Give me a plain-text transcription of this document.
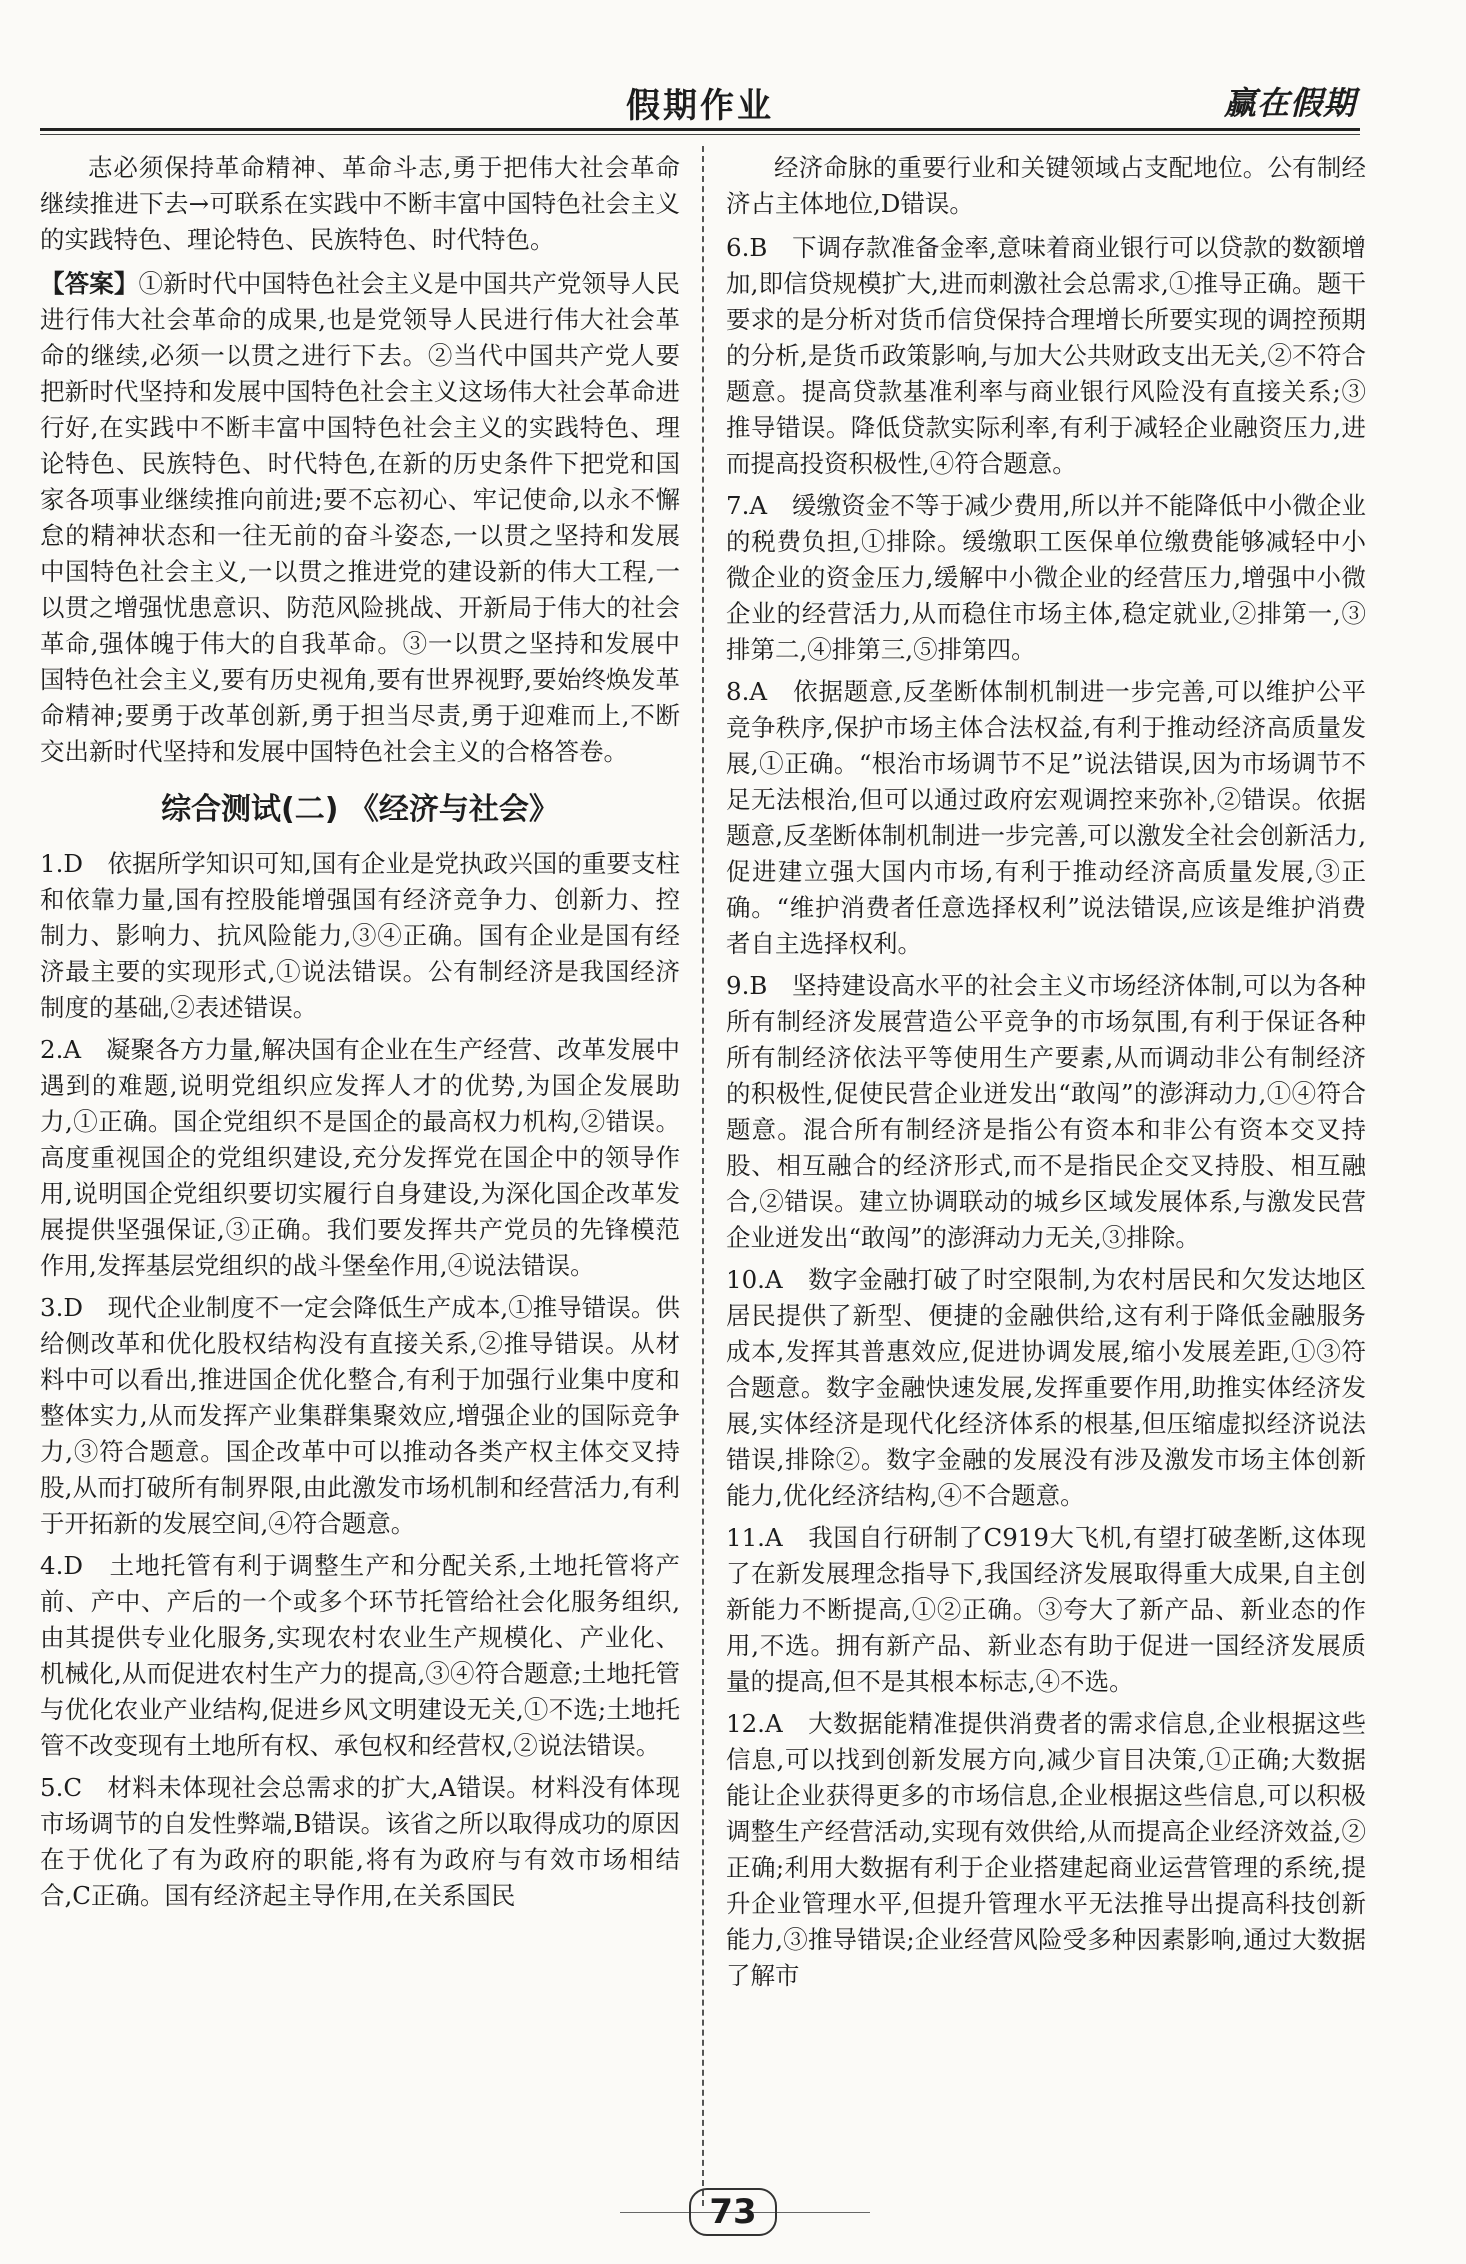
假期作业	赢在假期

志必须保持革命精神、革命斗志,勇于把伟大社会革命继续推进下去→可联系在实践中不断丰富中国特色社会主义的实践特色、理论特色、民族特色、时代特色。

【答案】①新时代中国特色社会主义是中国共产党领导人民进行伟大社会革命的成果,也是党领导人民进行伟大社会革命的继续,必须一以贯之进行下去。②当代中国共产党人要把新时代坚持和发展中国特色社会主义这场伟大社会革命进行好,在实践中不断丰富中国特色社会主义的实践特色、理论特色、民族特色、时代特色,在新的历史条件下把党和国家各项事业继续推向前进;要不忘初心、牢记使命,以永不懈怠的精神状态和一往无前的奋斗姿态,一以贯之坚持和发展中国特色社会主义,一以贯之推进党的建设新的伟大工程,一以贯之增强忧患意识、防范风险挑战、开新局于伟大的社会革命,强体魄于伟大的自我革命。③一以贯之坚持和发展中国特色社会主义,要有历史视角,要有世界视野,要始终焕发革命精神;要勇于改革创新,勇于担当尽责,勇于迎难而上,不断交出新时代坚持和发展中国特色社会主义的合格答卷。

综合测试(二) 《经济与社会》

1.D　 依据所学知识可知,国有企业是党执政兴国的重要支柱和依靠力量,国有控股能增强国有经济竞争力、创新力、控制力、影响力、抗风险能力,③④正确。国有企业是国有经济最主要的实现形式,①说法错误。公有制经济是我国经济制度的基础,②表述错误。

2.A　 凝聚各方力量,解决国有企业在生产经营、改革发展中遇到的难题,说明党组织应发挥人才的优势,为国企发展助力,①正确。国企党组织不是国企的最高权力机构,②错误。高度重视国企的党组织建设,充分发挥党在国企中的领导作用,说明国企党组织要切实履行自身建设,为深化国企改革发展提供坚强保证,③正确。我们要发挥共产党员的先锋模范作用,发挥基层党组织的战斗堡垒作用,④说法错误。

3.D　 现代企业制度不一定会降低生产成本,①推导错误。供给侧改革和优化股权结构没有直接关系,②推导错误。从材料中可以看出,推进国企优化整合,有利于加强行业集中度和整体实力,从而发挥产业集群集聚效应,增强企业的国际竞争力,③符合题意。国企改革中可以推动各类产权主体交叉持股,从而打破所有制界限,由此激发市场机制和经营活力,有利于开拓新的发展空间,④符合题意。

4.D　 土地托管有利于调整生产和分配关系,土地托管将产前、产中、产后的一个或多个环节托管给社会化服务组织,由其提供专业化服务,实现农村农业生产规模化、产业化、机械化,从而促进农村生产力的提高,③④符合题意;土地托管与优化农业产业结构,促进乡风文明建设无关,①不选;土地托管不改变现有土地所有权、承包权和经营权,②说法错误。

5.C　 材料未体现社会总需求的扩大,A错误。材料没有体现市场调节的自发性弊端,B错误。该省之所以取得成功的原因在于优化了有为政府的职能,将有为政府与有效市场相结合,C正确。国有经济起主导作用,在关系国民

经济命脉的重要行业和关键领域占支配地位。公有制经济占主体地位,D错误。

6.B　 下调存款准备金率,意味着商业银行可以贷款的数额增加,即信贷规模扩大,进而刺激社会总需求,①推导正确。题干要求的是分析对货币信贷保持合理增长所要实现的调控预期的分析,是货币政策影响,与加大公共财政支出无关,②不符合题意。提高贷款基准利率与商业银行风险没有直接关系;③推导错误。降低贷款实际利率,有利于减轻企业融资压力,进而提高投资积极性,④符合题意。

7.A　 缓缴资金不等于减少费用,所以并不能降低中小微企业的税费负担,①排除。缓缴职工医保单位缴费能够减轻中小微企业的资金压力,缓解中小微企业的经营压力,增强中小微企业的经营活力,从而稳住市场主体,稳定就业,②排第一,③排第二,④排第三,⑤排第四。

8.A　 依据题意,反垄断体制机制进一步完善,可以维护公平竞争秩序,保护市场主体合法权益,有利于推动经济高质量发展,①正确。“根治市场调节不足”说法错误,因为市场调节不足无法根治,但可以通过政府宏观调控来弥补,②错误。依据题意,反垄断体制机制进一步完善,可以激发全社会创新活力,促进建立强大国内市场,有利于推动经济高质量发展,③正确。“维护消费者任意选择权利”说法错误,应该是维护消费者自主选择权利。

9.B　 坚持建设高水平的社会主义市场经济体制,可以为各种所有制经济发展营造公平竞争的市场氛围,有利于保证各种所有制经济依法平等使用生产要素,从而调动非公有制经济的积极性,促使民营企业迸发出“敢闯”的澎湃动力,①④符合题意。混合所有制经济是指公有资本和非公有资本交叉持股、相互融合的经济形式,而不是指民企交叉持股、相互融合,②错误。建立协调联动的城乡区域发展体系,与激发民营企业迸发出“敢闯”的澎湃动力无关,③排除。

10.A　 数字金融打破了时空限制,为农村居民和欠发达地区居民提供了新型、便捷的金融供给,这有利于降低金融服务成本,发挥其普惠效应,促进协调发展,缩小发展差距,①③符合题意。数字金融快速发展,发挥重要作用,助推实体经济发展,实体经济是现代化经济体系的根基,但压缩虚拟经济说法错误,排除②。数字金融的发展没有涉及激发市场主体创新能力,优化经济结构,④不合题意。

11.A　 我国自行研制了C919大飞机,有望打破垄断,这体现了在新发展理念指导下,我国经济发展取得重大成果,自主创新能力不断提高,①②正确。③夸大了新产品、新业态的作用,不选。拥有新产品、新业态有助于促进一国经济发展质量的提高,但不是其根本标志,④不选。

12.A　 大数据能精准提供消费者的需求信息,企业根据这些信息,可以找到创新发展方向,减少盲目决策,①正确;大数据能让企业获得更多的市场信息,企业根据这些信息,可以积极调整生产经营活动,实现有效供给,从而提高企业经济效益,②正确;利用大数据有利于企业搭建起商业运营管理的系统,提升企业管理水平,但提升管理水平无法推导出提高科技创新能力,③推导错误;企业经营风险受多种因素影响,通过大数据了解市

73
